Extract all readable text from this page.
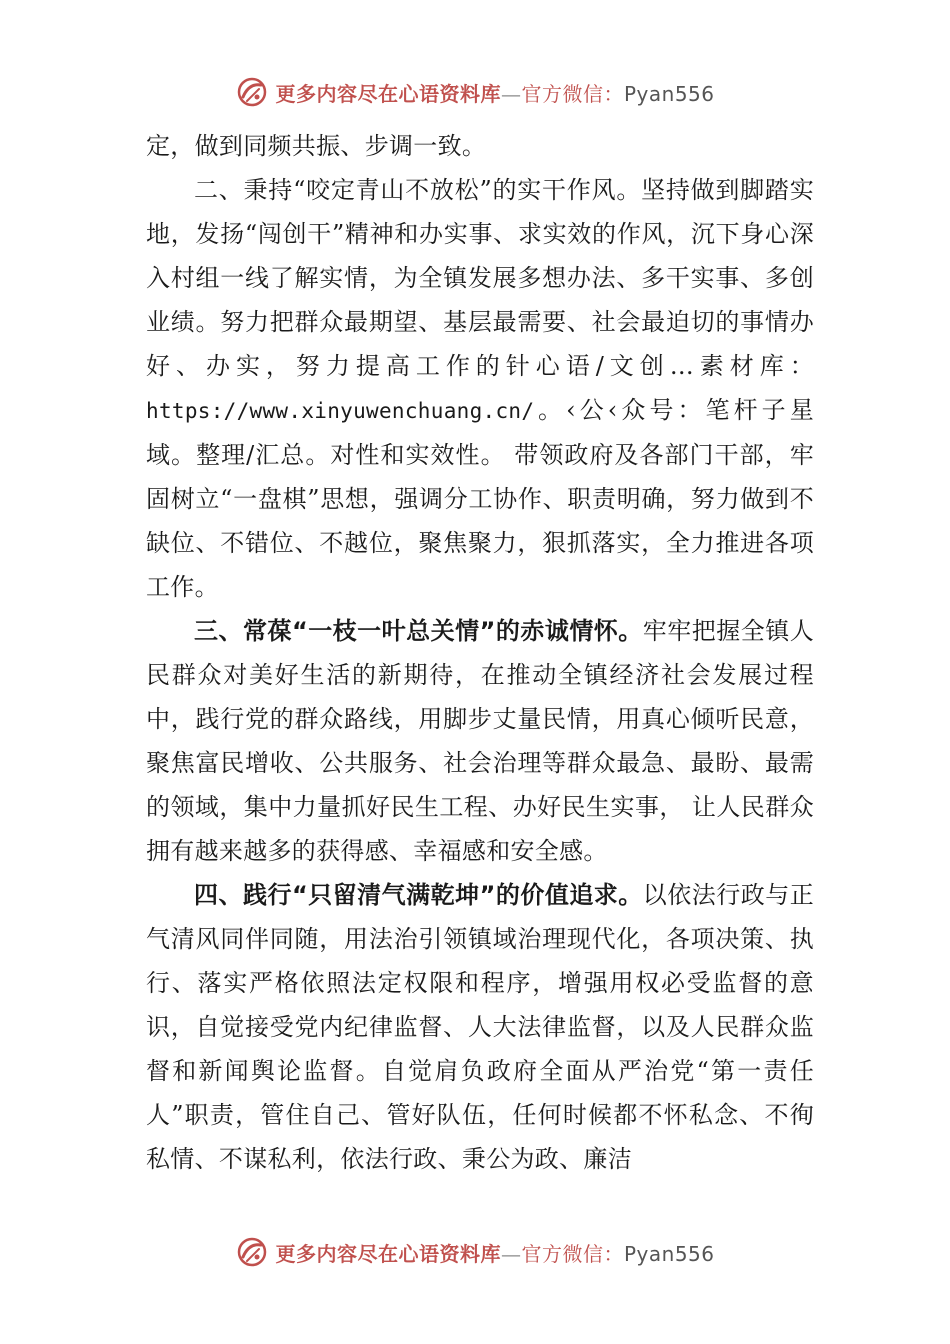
更多内容尽在心语资料库—官方微信：Pyan556

定，做到同频共振、步调一致。

二、秉持“咬定青山不放松”的实干作风。坚持做到脚踏实地，发扬“闯创干”精神和办实事、求实效的作风，沉下身心深入村组一线了解实情，为全镇发展多想办法、多干实事、多创业绩。努力把群众最期望、基层最需要、社会最迫切的事情办好、办实，努力提高工作的针心语/文创…素材库：https://www.xinyuwenchuang.cn/。‹公‹众号：笔杆子星域。整理/汇总。对性和实效性。 带领政府及各部门干部，牢固树立“一盘棋”思想，强调分工协作、职责明确，努力做到不缺位、不错位、不越位，聚焦聚力，狠抓落实，全力推进各项工作。

三、常葆“一枝一叶总关情”的赤诚情怀。牢牢把握全镇人民群众对美好生活的新期待，在推动全镇经济社会发展过程中，践行党的群众路线，用脚步丈量民情，用真心倾听民意，聚焦富民增收、公共服务、社会治理等群众最急、最盼、最需的领域，集中力量抓好民生工程、办好民生实事， 让人民群众拥有越来越多的获得感、幸福感和安全感。

四、践行“只留清气满乾坤”的价值追求。以依法行政与正气清风同伴同随，用法治引领镇域治理现代化，各项决策、执行、落实严格依照法定权限和程序，增强用权必受监督的意识，自觉接受党内纪律监督、人大法律监督，以及人民群众监督和新闻舆论监督。自觉肩负政府全面从严治党“第一责任人”职责，管住自己、管好队伍，任何时候都不怀私念、不徇私情、不谋私利，依法行政、秉公为政、廉洁

更多内容尽在心语资料库—官方微信：Pyan556
